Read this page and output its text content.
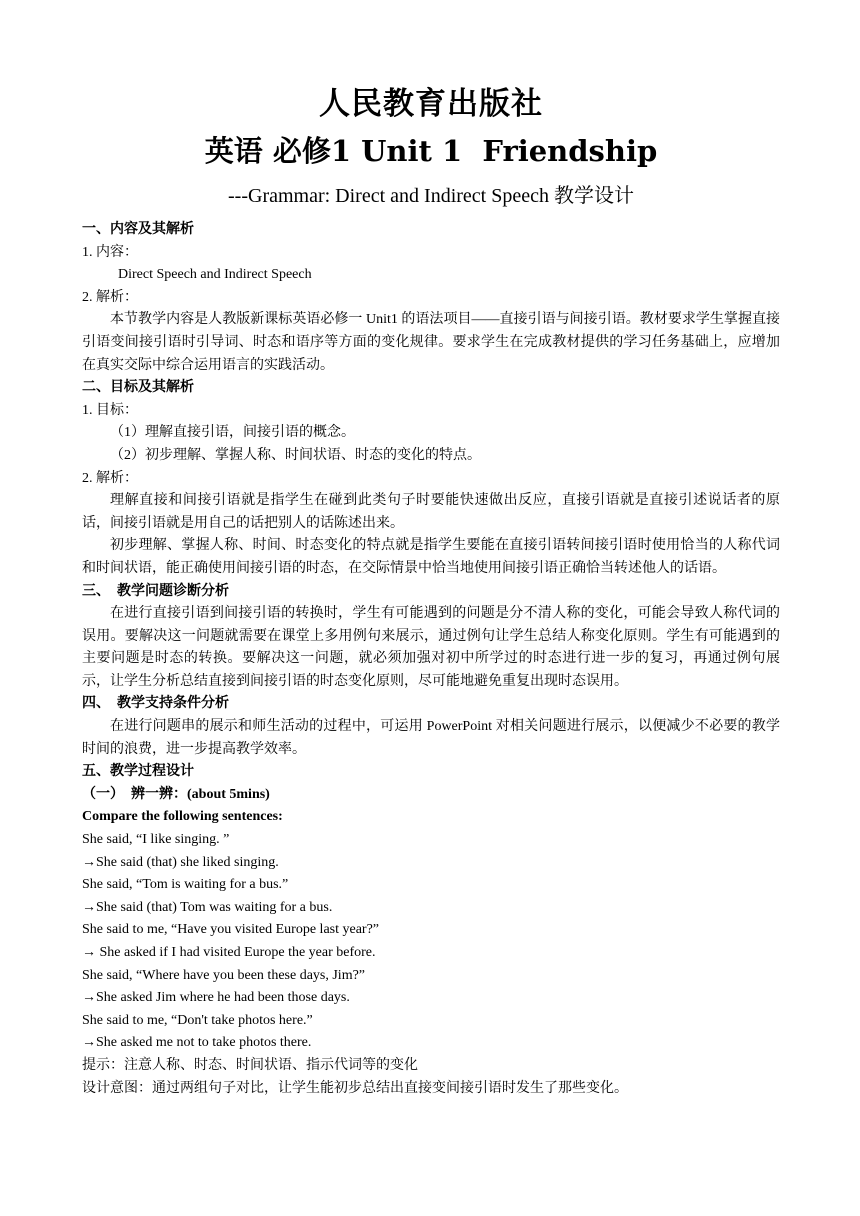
人民教育出版社
英语 必修1 Unit 1  Friendship
---Grammar: Direct and Indirect Speech 教学设计

一、内容及其解析

1. 内容：

Direct Speech and Indirect Speech

2. 解析：

本节教学内容是人教版新课标英语必修一 Unit1 的语法项目——直接引语与间接引语。教材要求学生掌握直接引语变间接引语时引导词、时态和语序等方面的变化规律。要求学生在完成教材提供的学习任务基础上，应增加在真实交际中综合运用语言的实践活动。

二、目标及其解析

1. 目标：

（1）理解直接引语，间接引语的概念。

（2）初步理解、掌握人称、时间状语、时态的变化的特点。

2. 解析：

理解直接和间接引语就是指学生在碰到此类句子时要能快速做出反应，直接引语就是直接引述说话者的原话，间接引语就是用自己的话把别人的话陈述出来。

初步理解、掌握人称、时间、时态变化的特点就是指学生要能在直接引语转间接引语时使用恰当的人称代词和时间状语，能正确使用间接引语的时态，在交际情景中恰当地使用间接引语正确恰当转述他人的话语。

三、  教学问题诊断分析

在进行直接引语到间接引语的转换时，学生有可能遇到的问题是分不清人称的变化，可能会导致人称代词的误用。要解决这一问题就需要在课堂上多用例句来展示，通过例句让学生总结人称变化原则。学生有可能遇到的主要问题是时态的转换。要解决这一问题，就必须加强对初中所学过的时态进行进一步的复习，再通过例句展示，让学生分析总结直接到间接引语的时态变化原则，尽可能地避免重复出现时态误用。

四、  教学支持条件分析

在进行问题串的展示和师生活动的过程中，可运用 PowerPoint 对相关问题进行展示，以便减少不必要的教学时间的浪费，进一步提高教学效率。

五、教学过程设计

（一）  辨一辨：(about 5mins)

Compare the following sentences:

She said, “I like singing. ”

→She said (that) she liked singing.

She said, “Tom is waiting for a bus.”

→She said (that) Tom was waiting for a bus.

She said to me, “Have you visited Europe last year?”

→ She asked if I had visited Europe the year before.

She said, “Where have you been these days, Jim?”

→She asked Jim where he had been those days.

She said to me, “Don't take photos here.”

→She asked me not to take photos there.

提示：注意人称、时态、时间状语、指示代词等的变化

设计意图：通过两组句子对比，让学生能初步总结出直接变间接引语时发生了那些变化。
